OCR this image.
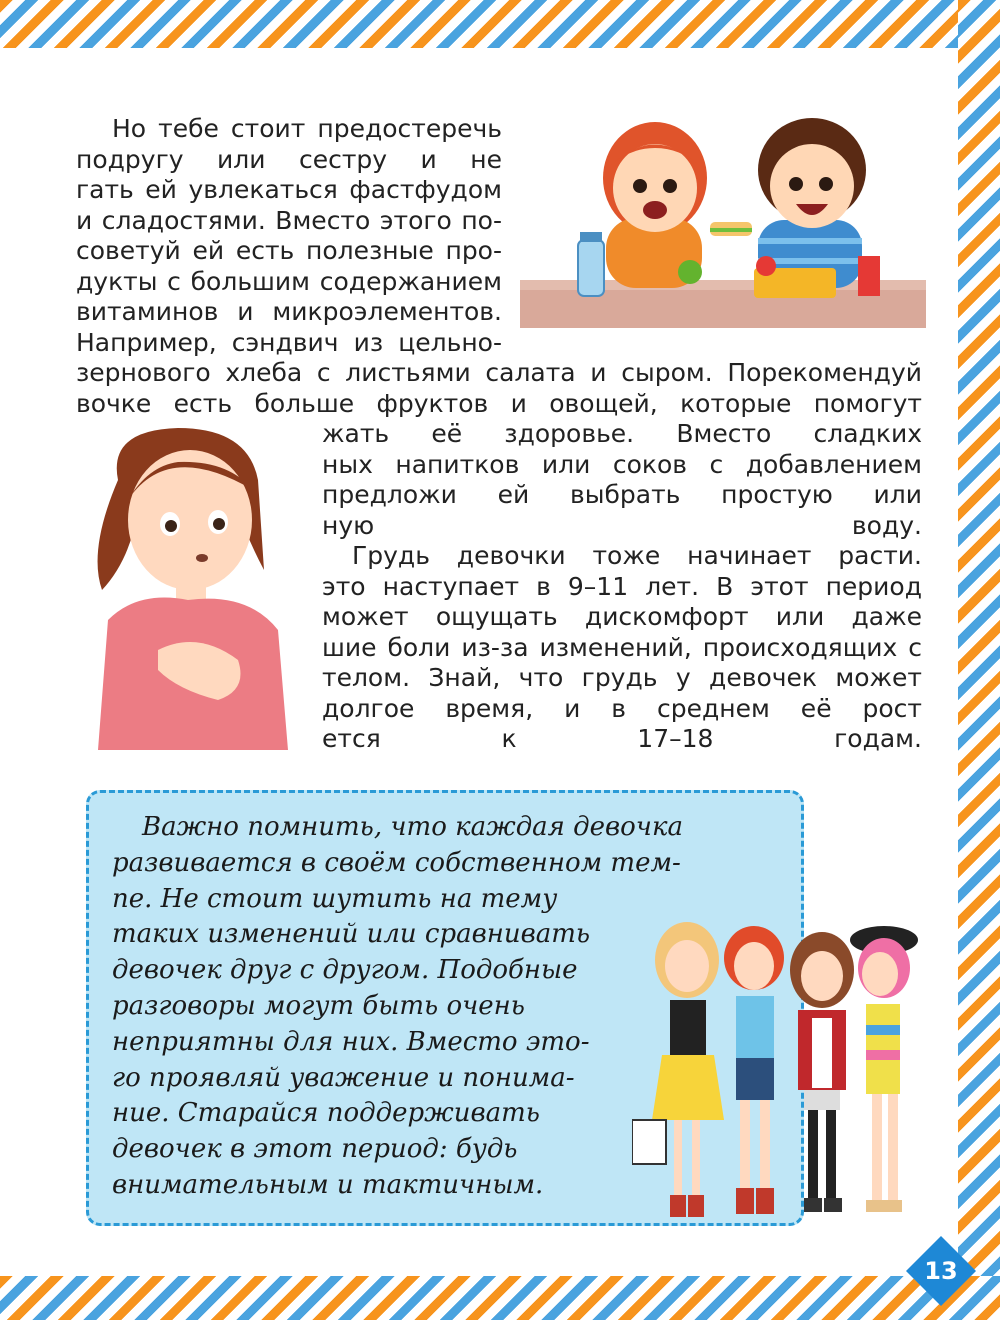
Но тебе стоит предостеречь
подругу или сестру и не
гать ей увлекаться фастфудом
и сладостями. Вместо этого по-
советуй ей есть полезные про-
дукты с большим содержанием
витаминов и микроэлементов.
Например, сэндвич из цельно-
зернового хлеба с листьями салата и сыром. Порекомендуй
вочке есть больше фруктов и овощей, которые помогут
жать её здоровье. Вместо сладких
ных напитков или соков с добавлением
предложи ей выбрать простую или
ную воду.
Грудь девочки тоже начинает расти.
это наступает в 9–11 лет. В этот период
может ощущать дискомфорт или даже
шие боли из-за изменений, происходящих с
телом. Знай, что грудь у девочек может
долгое время, и в среднем её рост
ется к 17–18 годам.
Важно помнить, что каждая девочка
развивается в своём собственном тем-
пе. Не стоит шутить на тему
таких изменений или сравнивать
девочек друг с другом. Подобные
разговоры могут быть очень
неприятны для них. Вместо это-
го проявляй уважение и понима-
ние. Старайся поддерживать
девочек в этот период: будь
внимательным и тактичным.
13
